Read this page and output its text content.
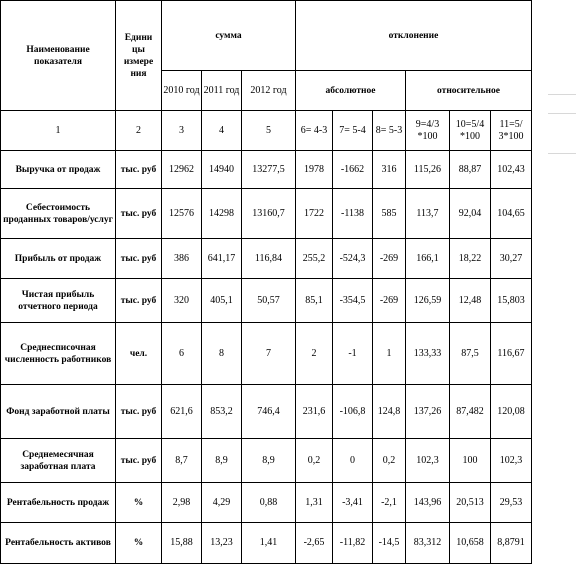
Наименование показателя	Едини
цы
измере
ния	сумма			отклонение					
		2010 год	2011 год	2012 год	абсолютное			относительное		
1	2	3	4	5	6= 4-3	7= 5-4	8= 5-3	9=4/3 *100	10=5/4 *100	11=5/ 3*100
Выручка от продаж	тыс. руб	12962	14940	13277,5	1978	-1662	316	115,26	88,87	102,43
Себестоимость проданных товаров/услуг	тыс. руб	12576	14298	13160,7	1722	-1138	585	113,7	92,04	104,65
Прибыль от продаж	тыс. руб	386	641,17	116,84	255,2	-524,3	-269	166,1	18,22	30,27
Чистая прибыль отчетного периода	тыс. руб	320	405,1	50,57	85,1	-354,5	-269	126,59	12,48	15,803
Среднесписочная численность работников	чел.	6	8	7	2	-1	1	133,33	87,5	116,67
Фонд заработной платы	тыс. руб	621,6	853,2	746,4	231,6	-106,8	124,8	137,26	87,482	120,08
Среднемесячная заработная плата	тыс. руб	8,7	8,9	8,9	0,2	0	0,2	102,3	100	102,3
Рентабельность продаж	%	2,98	4,29	0,88	1,31	-3,41	-2,1	143,96	20,513	29,53
Рентабельность активов	%	15,88	13,23	1,41	-2,65	-11,82	-14,5	83,312	10,658	8,8791
